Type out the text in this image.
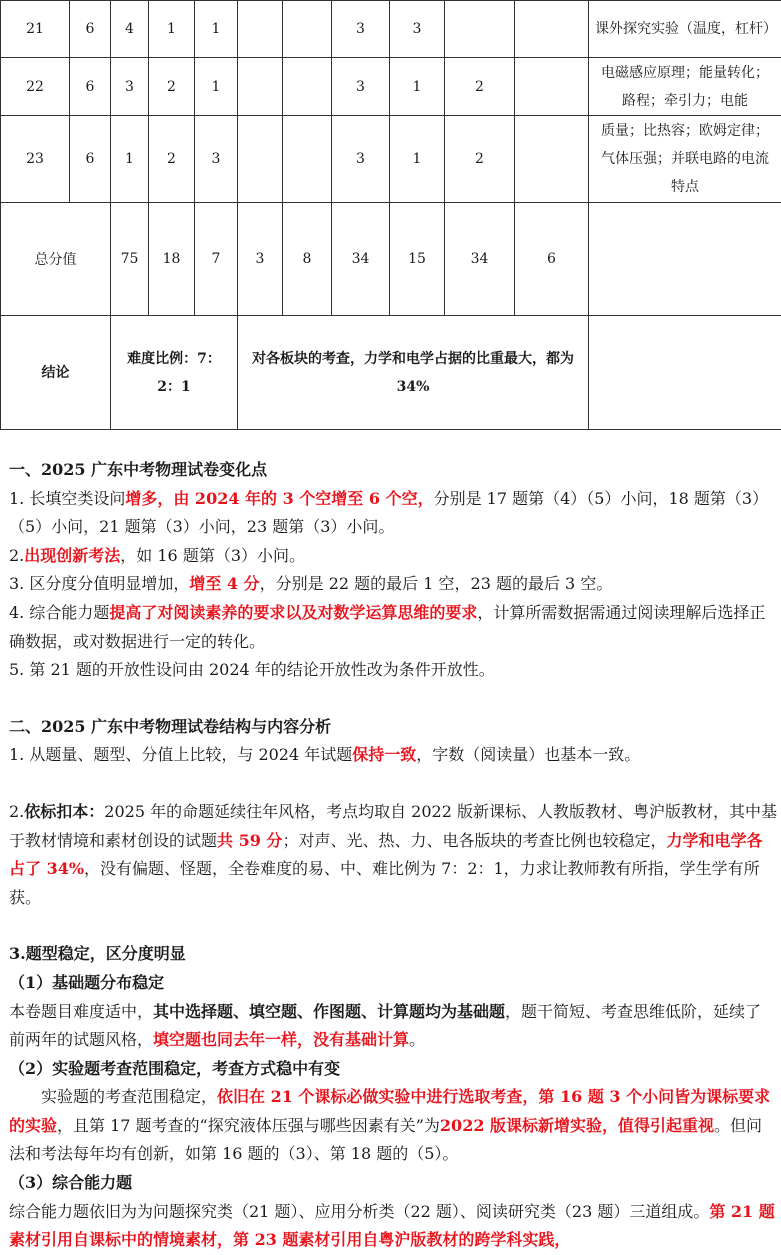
21	6	4	1	1			3	3			课外探究实验（温度，杠杆）
22	6	3	2	1			3	1	2		电磁感应原理；能量转化；路程；牵引力；电能
23	6	1	2	3			3	1	2		质量；比热容；欧姆定律；气体压强；并联电路的电流特点
总分值		75	18	7	3	8	34	15	34	6	
结论		难度比例：7：2：1			对各板块的考查，力学和电学占据的比重最大，都为34%						

一、2025 广东中考物理试卷变化点

1. 长填空类设问增多，由 2024 年的 3 个空增至 6 个空，分别是 17 题第（4）（5）小问，18 题第（3）（5）小问，21 题第（3）小问，23 题第（3）小问。

2.出现创新考法，如 16 题第（3）小问。

3. 区分度分值明显增加，增至 4 分，分别是 22 题的最后 1 空，23 题的最后 3 空。

4. 综合能力题提高了对阅读素养的要求以及对数学运算思维的要求，计算所需数据需通过阅读理解后选择正确数据，或对数据进行一定的转化。

5. 第 21 题的开放性设问由 2024 年的结论开放性改为条件开放性。

二、2025 广东中考物理试卷结构与内容分析

1. 从题量、题型、分值上比较，与 2024 年试题保持一致，字数（阅读量）也基本一致。

2.依标扣本：2025 年的命题延续往年风格，考点均取自 2022 版新课标、人教版教材、粤沪版教材，其中基于教材情境和素材创设的试题共 59 分；对声、光、热、力、电各版块的考查比例也较稳定，力学和电学各占了 34%，没有偏题、怪题，全卷难度的易、中、难比例为 7：2：1，力求让教师教有所指，学生学有所获。

3.题型稳定，区分度明显

（1）基础题分布稳定

本卷题目难度适中，其中选择题、填空题、作图题、计算题均为基础题，题干简短、考查思维低阶，延续了前两年的试题风格，填空题也同去年一样，没有基础计算。

（2）实验题考查范围稳定，考查方式稳中有变

实验题的考查范围稳定，依旧在 21 个课标必做实验中进行选取考查，第 16 题 3 个小问皆为课标要求的实验，且第 17 题考查的“探究液体压强与哪些因素有关”为2022 版课标新增实验，值得引起重视。但问法和考法每年均有创新，如第 16 题的（3）、第 18 题的（5）。

（3）综合能力题

综合能力题依旧为为问题探究类（21 题）、应用分析类（22 题）、阅读研究类（23 题）三道组成。第 21 题素材引用自课标中的情境素材，第 23 题素材引用自粤沪版教材的跨学科实践，
